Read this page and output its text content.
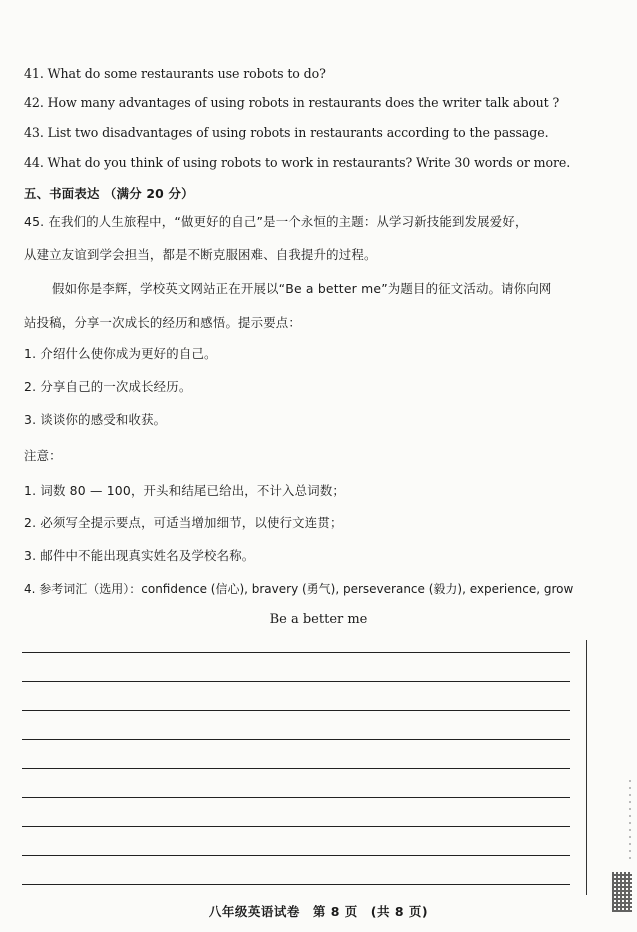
41. What do some restaurants use robots to do?
42. How many advantages of using robots in restaurants does the writer talk about ?
43. List two disadvantages of using robots in restaurants according to the passage.
44. What do you think of using robots to work in restaurants? Write 30 words or more.
五、书面表达 （满分 20 分）
45. 在我们的人生旅程中，“做更好的自己”是一个永恒的主题：从学习新技能到发展爱好，
从建立友谊到学会担当，都是不断克服困难、自我提升的过程。
假如你是李辉，学校英文网站正在开展以“Be a better me”为题目的征文活动。请你向网
站投稿，分享一次成长的经历和感悟。提示要点：
1. 介绍什么使你成为更好的自己。
2. 分享自己的一次成长经历。
3. 谈谈你的感受和收获。
注意：
1. 词数 80 — 100，开头和结尾已给出，不计入总词数；
2. 必须写全提示要点，可适当增加细节，以使行文连贯；
3. 邮件中不能出现真实姓名及学校名称。
4. 参考词汇（选用）：confidence (信心), bravery (勇气), perseverance (毅力), experience, grow
Be a better me
八年级英语试卷　第 8 页　(共 8 页)
